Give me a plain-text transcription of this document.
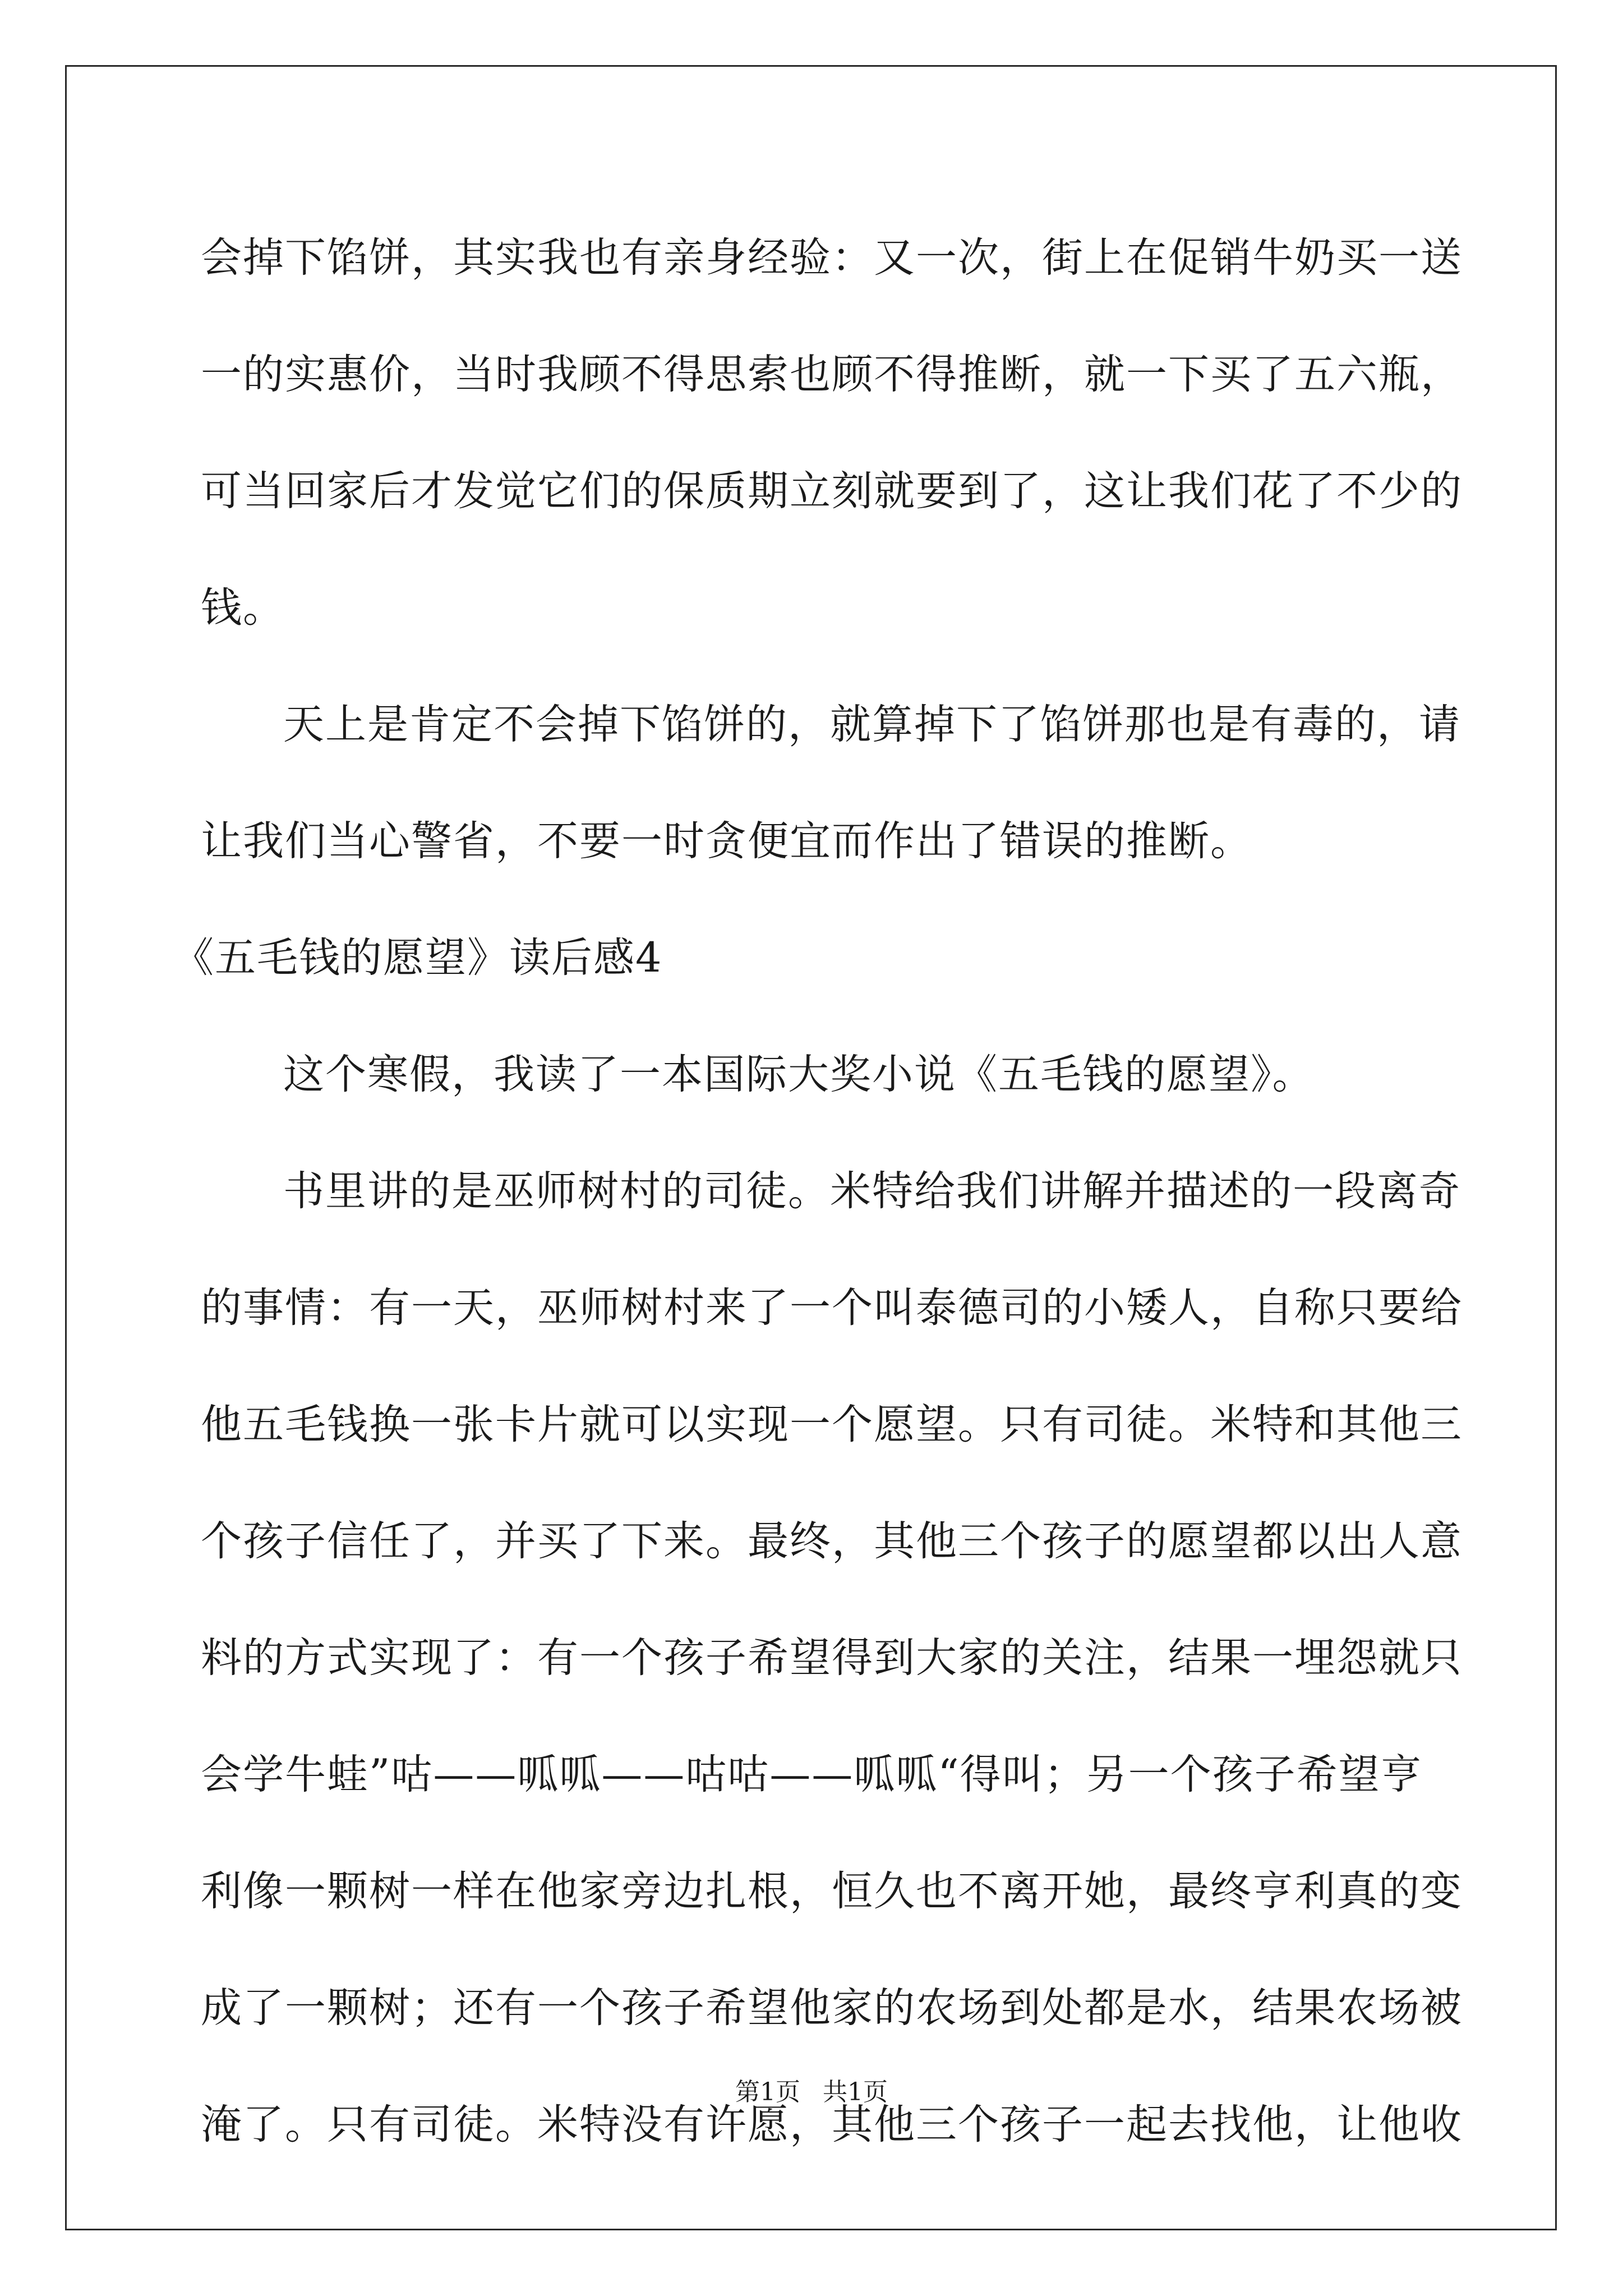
会掉下馅饼，其实我也有亲身经验：又一次，街上在促销牛奶买一送
一的实惠价，当时我顾不得思索也顾不得推断，就一下买了五六瓶，
可当回家后才发觉它们的保质期立刻就要到了，这让我们花了不少的
钱。
天上是肯定不会掉下馅饼的，就算掉下了馅饼那也是有毒的，请
让我们当心警省，不要一时贪便宜而作出了错误的推断。
《五毛钱的愿望》读后感4
这个寒假，我读了一本国际大奖小说《五毛钱的愿望》。
书里讲的是巫师树村的司徒。米特给我们讲解并描述的一段离奇
的事情：有一天，巫师树村来了一个叫泰德司的小矮人，自称只要给
他五毛钱换一张卡片就可以实现一个愿望。只有司徒。米特和其他三
个孩子信任了，并买了下来。最终，其他三个孩子的愿望都以出人意
料的方式实现了：有一个孩子希望得到大家的关注，结果一埋怨就只
会学牛蛙”咕——呱呱——咕咕——呱呱“得叫；另一个孩子希望亨
利像一颗树一样在他家旁边扎根，恒久也不离开她，最终亨利真的变
成了一颗树；还有一个孩子希望他家的农场到处都是水，结果农场被
淹了。只有司徒。米特没有许愿，其他三个孩子一起去找他，让他收
第1页 共1页
